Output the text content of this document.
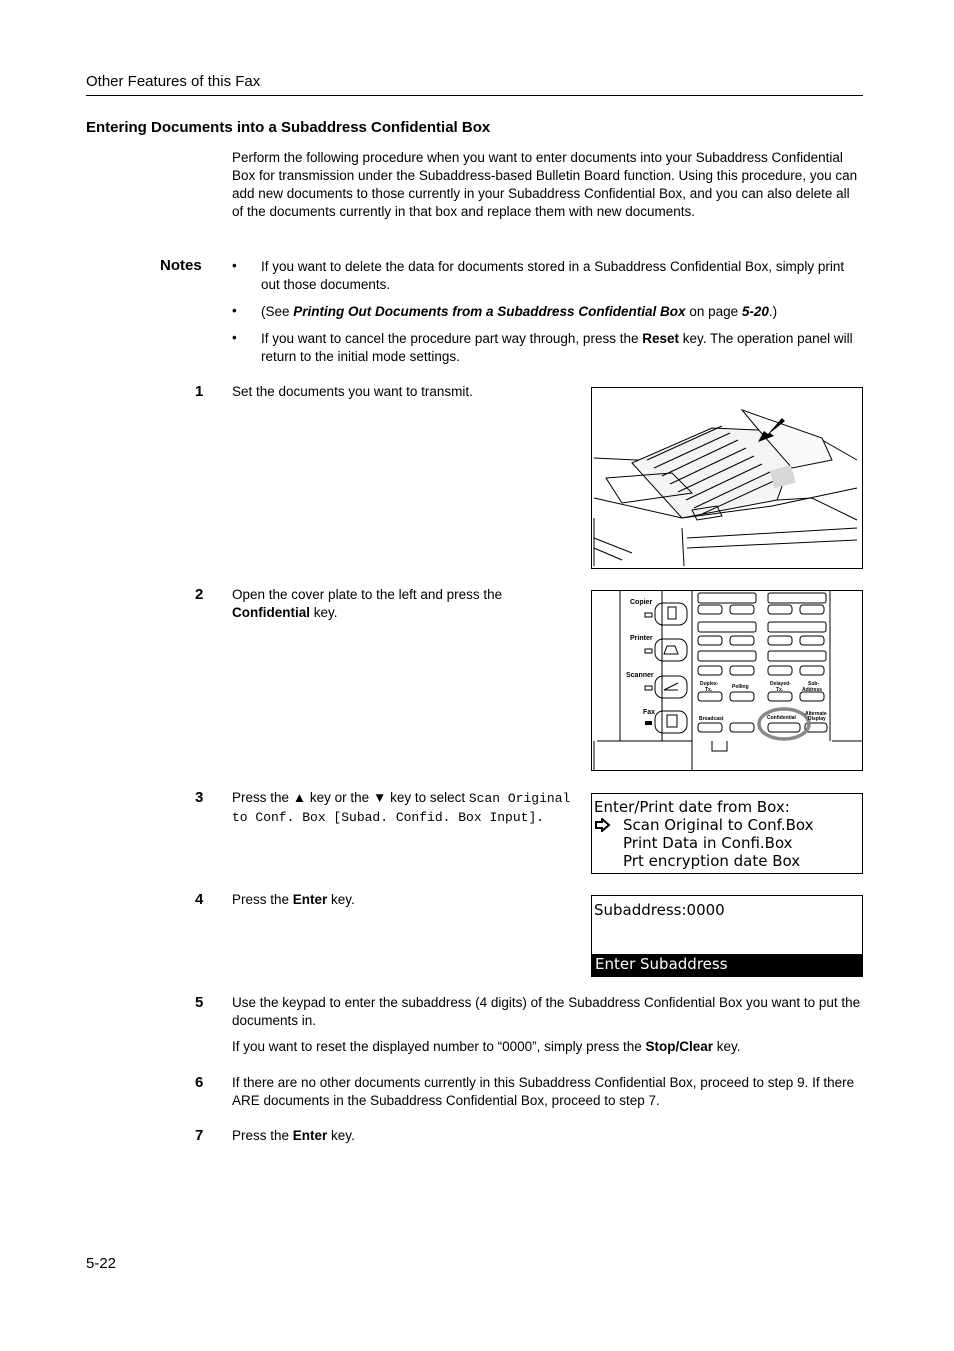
Other Features of this Fax
Entering Documents into a Subaddress Confidential Box
Perform the following procedure when you want to enter documents into your Subaddress Confidential Box for transmission under the Subaddress-based Bulletin Board function. Using this procedure, you can add new documents to those currently in your Subaddress Confidential Box, and you can also delete all of the documents currently in that box and replace them with new documents.
Notes • If you want to delete the data for documents stored in a Subaddress Confidential Box, simply print out those documents.
• (See Printing Out Documents from a Subaddress Confidential Box on page 5-20.)
• If you want to cancel the procedure part way through, press the Reset key. The operation panel will return to the initial mode settings.
1 Set the documents you want to transmit.
2 Open the cover plate to the left and press the Confidential key.
Copier
Printer
Scanner
Fax
Duplex-
Tx.	Polling	Delayed-
Tx.
Sub-
Address
Broadcast	Confidential
Alternate
Display
3 Press the ▲ key or the ▼ key to select Scan Original to Conf. Box [Subad. Confid. Box Input].
Enter/Print date from Box:
Scan Original to Conf.Box
Print Data in Confi.Box
Prt encryption date Box
4 Press the Enter key.
Subaddress:0000
Enter Subaddress
5 Use the keypad to enter the subaddress (4 digits) of the Subaddress Confidential Box you want to put the documents in.
If you want to reset the displayed number to “0000”, simply press the Stop/Clear key.
6 If there are no other documents currently in this Subaddress Confidential Box, proceed to step 9. If there ARE documents in the Subaddress Confidential Box, proceed to step 7.
7 Press the Enter key.
5-22
